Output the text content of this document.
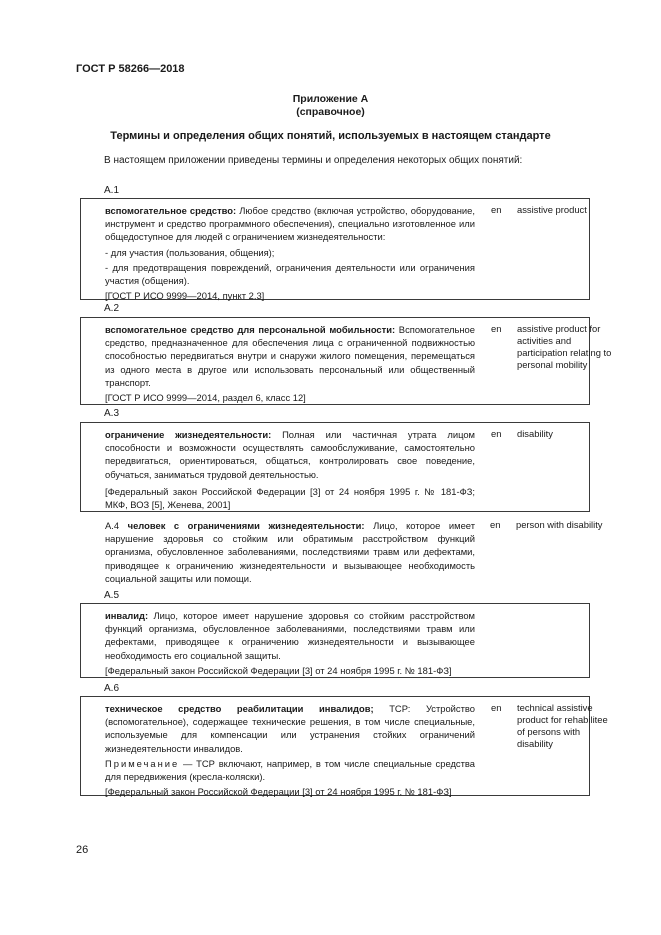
ГОСТ Р 58266—2018
Приложение А
(справочное)
Термины и определения общих понятий, используемых в настоящем стандарте
В настоящем приложении приведены термины и определения некоторых общих понятий:
А.1

вспомогательное средство: Любое средство (включая устройство, оборудование, инструмент и средство программного обеспечения), специально изготовленное или общедоступное для людей с ограничением жизнедеятельности:

- для участия (пользования, общения);

- для предотвращения повреждений, ограничения деятельности или ограничения участия (общения).

[ГОСТ Р ИСО 9999—2014, пункт 2.3]

en assistive product
А.2

вспомогательное средство для персональной мобильности: Вспомогательное средство, предназначенное для обеспечения лица с ограниченной подвижностью способностью передвигаться внутри и снаружи жилого помещения, перемещаться из одного места в другое или использовать персональный или общественный транспорт.

[ГОСТ Р ИСО 9999—2014, раздел 6, класс 12]

en assistive product for activities and participation relating to personal mobility
А.3

ограничение жизнедеятельности: Полная или частичная утрата лицом способности и возможности осуществлять самообслуживание, самостоятельно передвигаться, ориентироваться, общаться, контролировать свое поведение, обучаться, заниматься трудовой деятельностью.

[Федеральный закон Российской Федерации [3] от 24 ноября 1995 г. № 181-ФЗ; МКФ, ВОЗ [5], Женева, 2001]

en disability

А.4 человек с ограничениями жизнедеятельности: Лицо, которое имеет нарушение здоровья со стойким или обратимым расстройством функций организма, обусловленное заболеваниями, последствиями травм или дефектами, приводящее к ограничению жизнедеятельности и вызывающее необходимость социальной защиты или помощи.

en person with disability
А.5

инвалид: Лицо, которое имеет нарушение здоровья со стойким расстройством функций организма, обусловленное заболеваниями, последствиями травм или дефектами, приводящее к ограничению жизнедеятельности и вызывающее необходимость его социальной защиты.

[Федеральный закон Российской Федерации [3] от 24 ноября 1995 г. № 181-ФЗ]

А.6

техническое средство реабилитации инвалидов; ТСР: Устройство (вспомогательное), содержащее технические решения, в том числе специальные, используемые для компенсации или устранения стойких ограничений жизнедеятельности инвалидов.

Примечание — ТСР включают, например, в том числе специальные средства для передвижения (кресла-коляски).

[Федеральный закон Российской Федерации [3] от 24 ноября 1995 г. № 181-ФЗ]

en technical assistive product for rehabilitee of persons with disability
26
